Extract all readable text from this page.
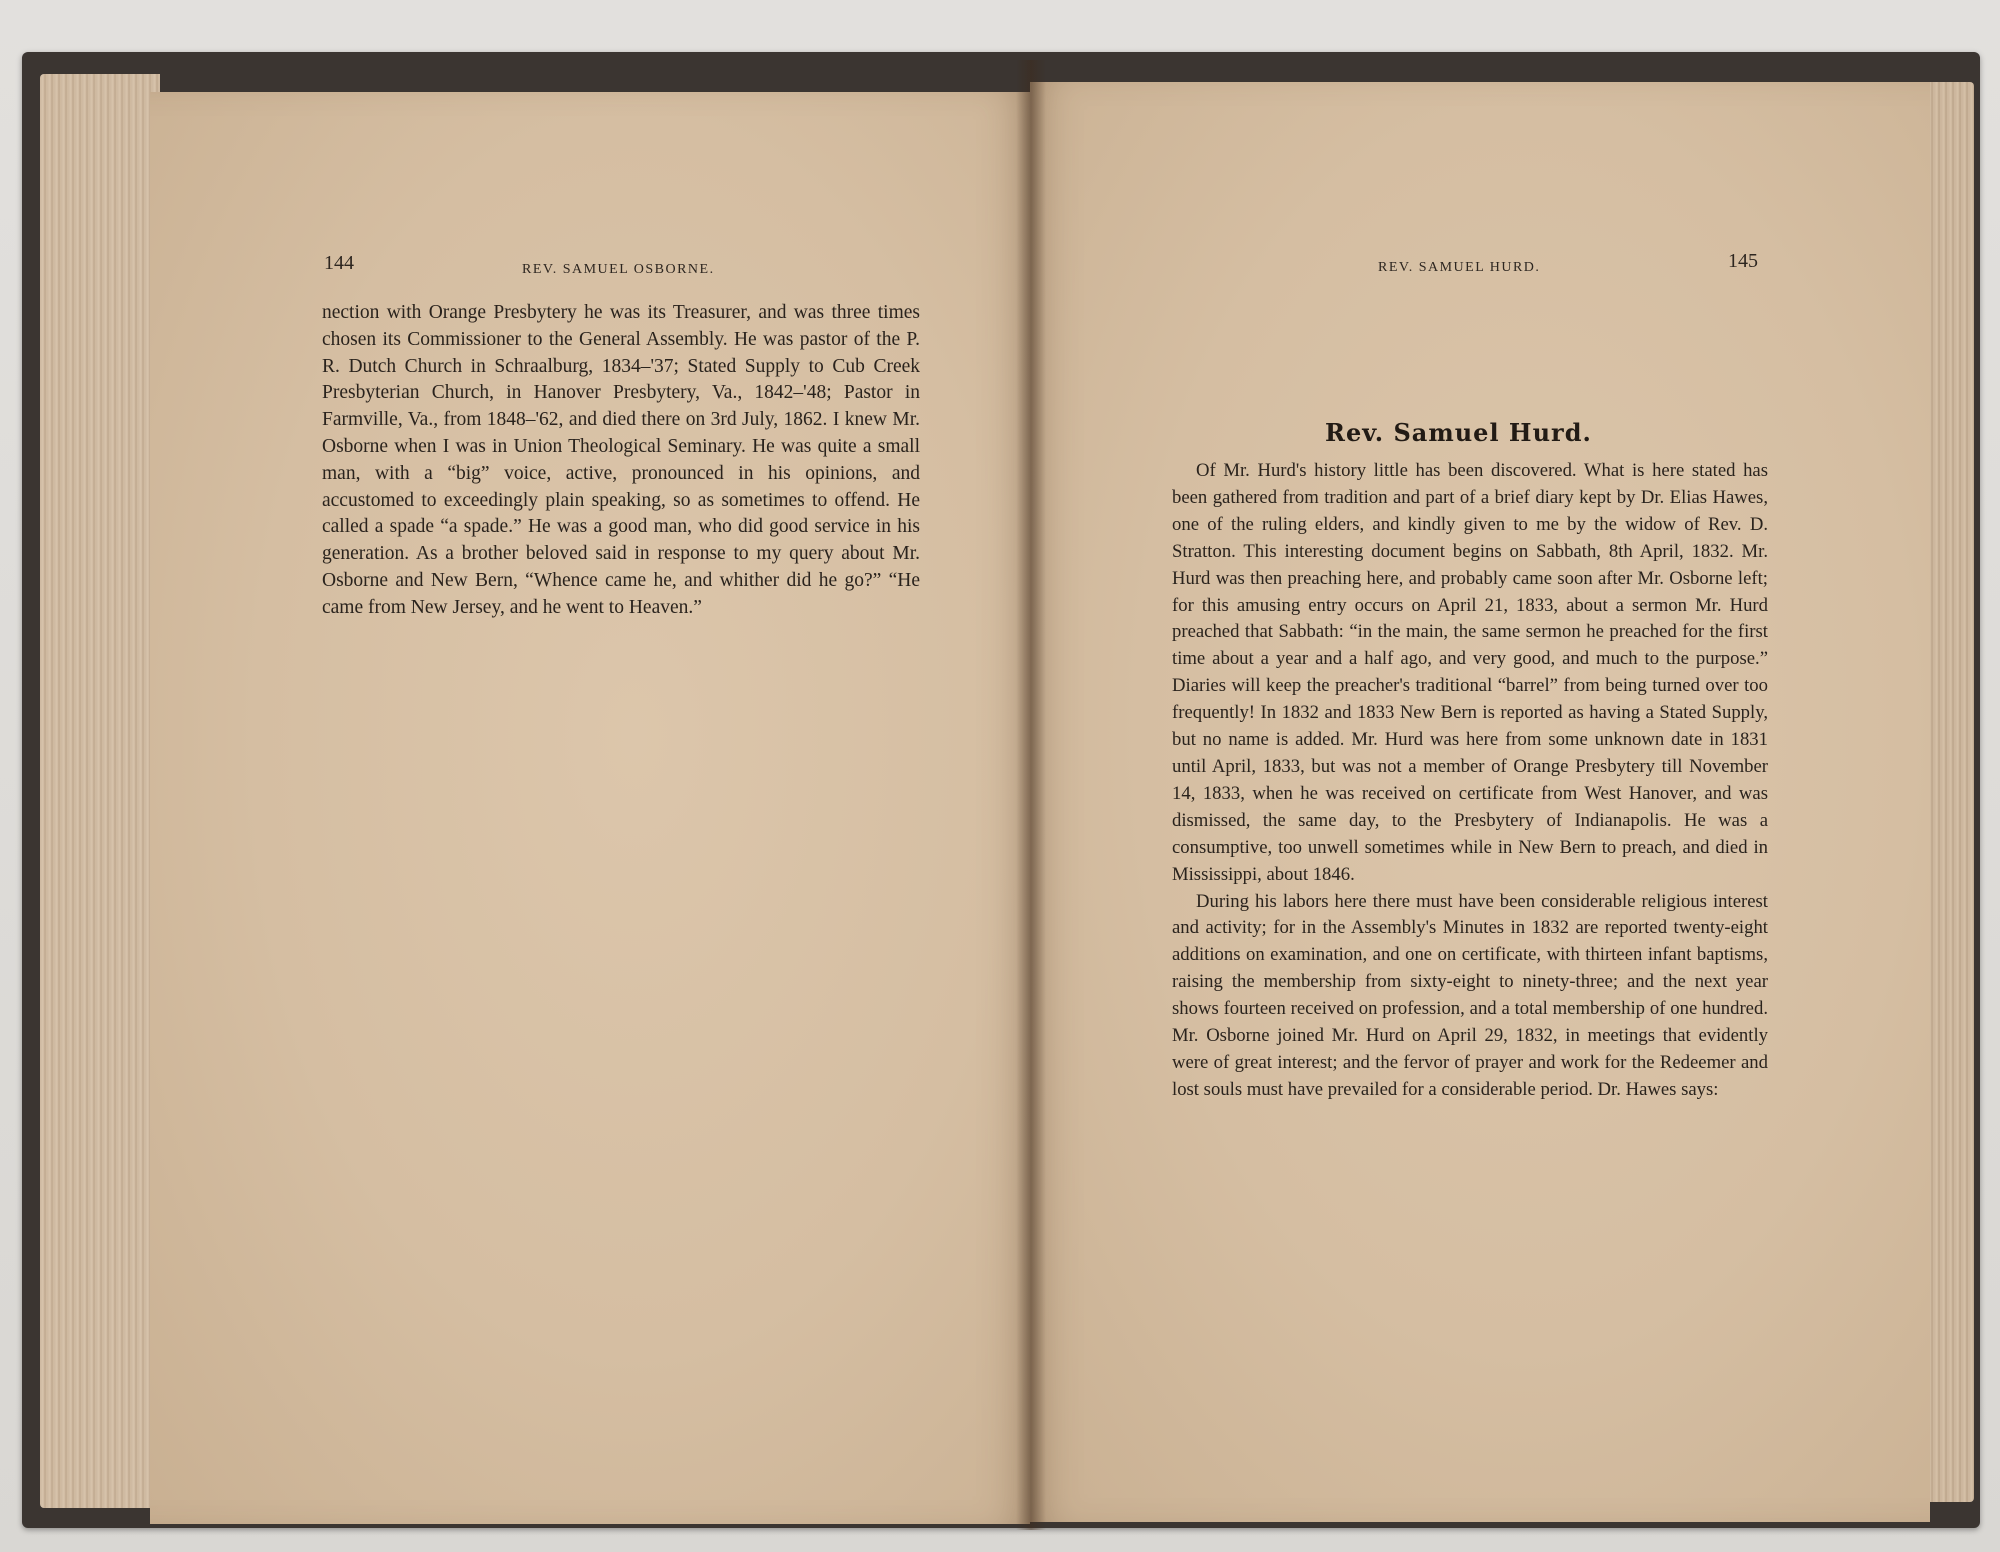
144	REV. SAMUEL OSBORNE.

nection with Orange Presbytery he was its Treasurer, and was three times chosen its Commissioner to the General Assembly. He was pastor of the P. R. Dutch Church in Schraalburg, 1834–'37; Stated Supply to Cub Creek Presbyterian Church, in Hanover Presbytery, Va., 1842–'48; Pastor in Farmville, Va., from 1848–'62, and died there on 3rd July, 1862. I knew Mr. Osborne when I was in Union Theological Seminary. He was quite a small man, with a “big” voice, active, pronounced in his opinions, and accustomed to exceedingly plain speaking, so as sometimes to offend. He called a spade “a spade.” He was a good man, who did good service in his generation. As a brother beloved said in response to my query about Mr. Osborne and New Bern, “Whence came he, and whither did he go?” “He came from New Jersey, and he went to Heaven.”

REV. SAMUEL HURD.	145
Rev. Samuel Hurd.

Of Mr. Hurd's history little has been discovered. What is here stated has been gathered from tradition and part of a brief diary kept by Dr. Elias Hawes, one of the ruling elders, and kindly given to me by the widow of Rev. D. Stratton. This interesting document begins on Sabbath, 8th April, 1832. Mr. Hurd was then preaching here, and probably came soon after Mr. Osborne left; for this amusing entry occurs on April 21, 1833, about a sermon Mr. Hurd preached that Sabbath: “in the main, the same sermon he preached for the first time about a year and a half ago, and very good, and much to the purpose.” Diaries will keep the preacher's traditional “barrel” from being turned over too frequently! In 1832 and 1833 New Bern is reported as having a Stated Supply, but no name is added. Mr. Hurd was here from some unknown date in 1831 until April, 1833, but was not a member of Orange Presbytery till November 14, 1833, when he was received on certificate from West Hanover, and was dismissed, the same day, to the Presbytery of Indianapolis. He was a consumptive, too unwell sometimes while in New Bern to preach, and died in Mississippi, about 1846.

During his labors here there must have been considerable religious interest and activity; for in the Assembly's Minutes in 1832 are reported twenty-eight additions on examination, and one on certificate, with thirteen infant baptisms, raising the membership from sixty-eight to ninety-three; and the next year shows fourteen received on profession, and a total membership of one hundred. Mr. Osborne joined Mr. Hurd on April 29, 1832, in meetings that evidently were of great interest; and the fervor of prayer and work for the Redeemer and lost souls must have prevailed for a considerable period. Dr. Hawes says:
